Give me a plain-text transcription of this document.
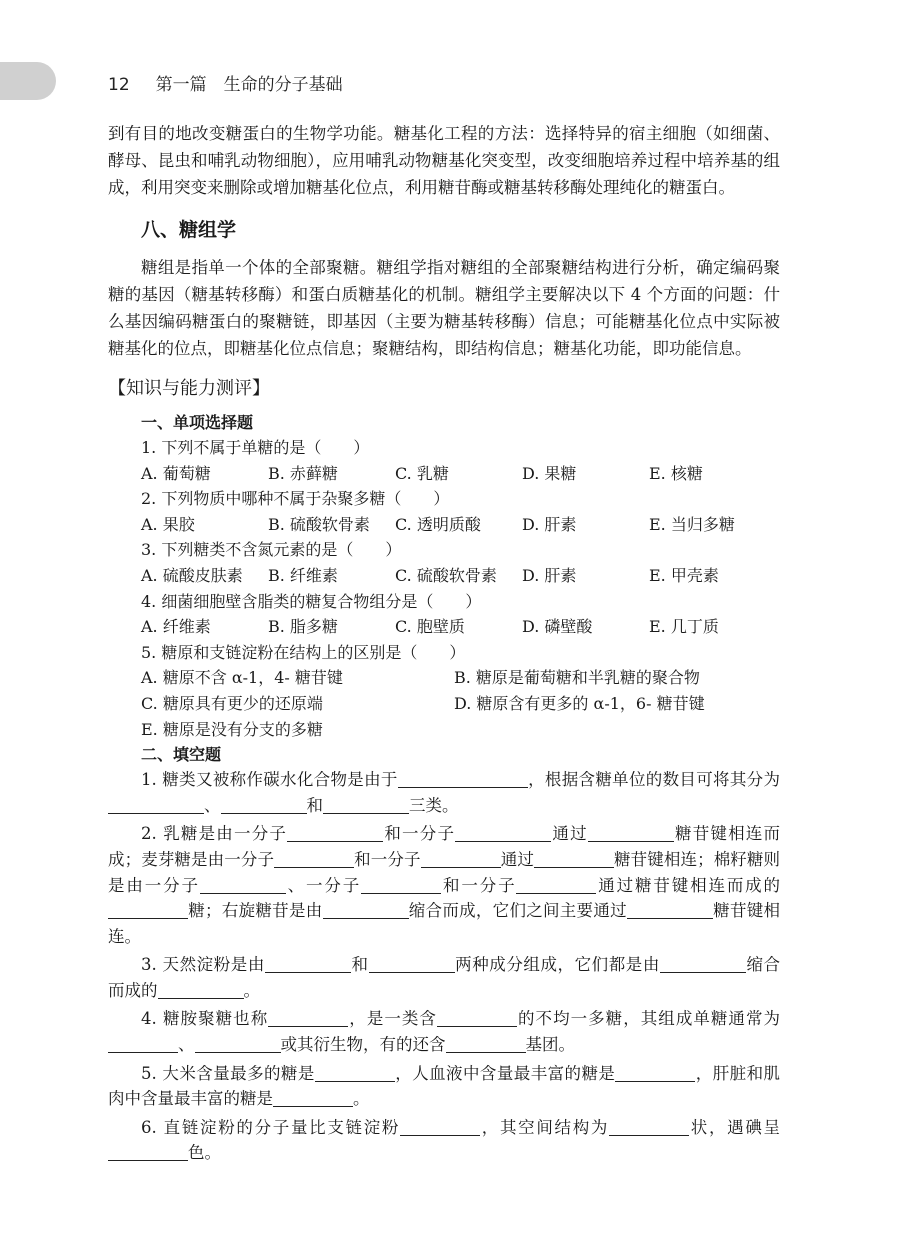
12 第一篇　生命的分子基础

到有目的地改变糖蛋白的生物学功能。糖基化工程的方法：选择特异的宿主细胞（如细菌、酵母、昆虫和哺乳动物细胞），应用哺乳动物糖基化突变型，改变细胞培养过程中培养基的组成，利用突变来删除或增加糖基化位点，利用糖苷酶或糖基转移酶处理纯化的糖蛋白。

八、糖组学

糖组是指单一个体的全部聚糖。糖组学指对糖组的全部聚糖结构进行分析，确定编码聚糖的基因（糖基转移酶）和蛋白质糖基化的机制。糖组学主要解决以下 4 个方面的问题：什么基因编码糖蛋白的聚糖链，即基因（主要为糖基转移酶）信息；可能糖基化位点中实际被糖基化的位点，即糖基化位点信息；聚糖结构，即结构信息；糖基化功能，即功能信息。

【知识与能力测评】
一、单项选择题
1. 下列不属于单糖的是（　　）
A. 葡萄糖	B. 赤藓糖	C. 乳糖	D. 果糖	E. 核糖
2. 下列物质中哪种不属于杂聚多糖（　　）
A. 果胶	B. 硫酸软骨素	C. 透明质酸	D. 肝素	E. 当归多糖
3. 下列糖类不含氮元素的是（　　）
A. 硫酸皮肤素	B. 纤维素	C. 硫酸软骨素	D. 肝素	E. 甲壳素
4. 细菌细胞壁含脂类的糖复合物组分是（　　）
A. 纤维素	B. 脂多糖	C. 胞壁质	D. 磷壁酸	E. 几丁质
5. 糖原和支链淀粉在结构上的区别是（　　）
A. 糖原不含 α-1，4- 糖苷键	B. 糖原是葡萄糖和半乳糖的聚合物
C. 糖原具有更少的还原端	D. 糖原含有更多的 α-1，6- 糖苷键
E. 糖原是没有分支的多糖
二、填空题

1. 糖类又被称作碳水化合物是由于	，根据含糖单位的数目可将其分为、	和	三类。

2. 乳糖是由一分子	和一分子	通过	糖苷键相连而成；麦芽糖是由一分子	和一分子	通过	糖苷键相连；棉籽糖则是由一分子	、一分子	和一分子	通过糖苷键相连而成的糖；右旋糖苷是由	缩合而成，它们之间主要通过	糖苷键相连。

3. 天然淀粉是由	和	两种成分组成，它们都是由	缩合而成的	。

4. 糖胺聚糖也称	，是一类含	的不均一多糖，其组成单糖通常为、	或其衍生物，有的还含	基团。

5. 大米含量最多的糖是	，人血液中含量最丰富的糖是	，肝脏和肌肉中含量最丰富的糖是	。

6. 直链淀粉的分子量比支链淀粉	，其空间结构为	状，遇碘呈色。
